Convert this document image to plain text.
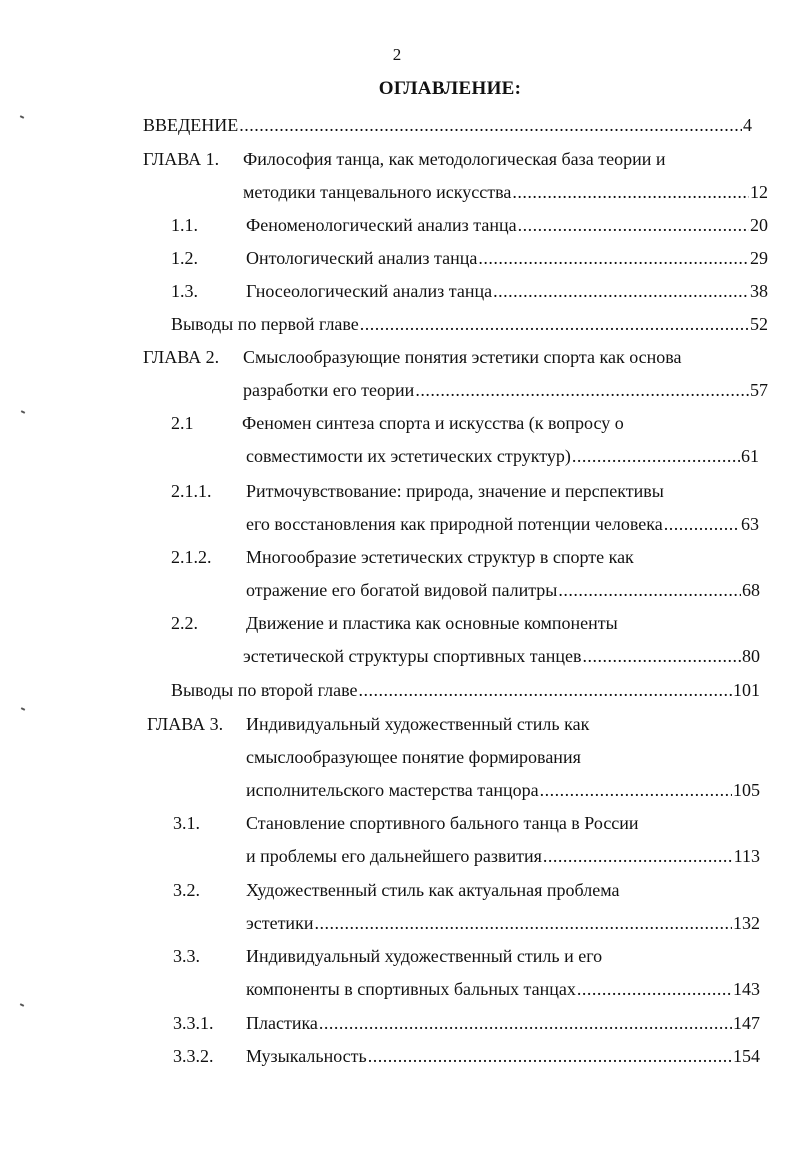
2
ОГЛАВЛЕНИЕ:
ВВЕДЕНИЕ .....	4
ГЛАВА 1. Философия танца, как методологическая база теории и
методики танцевального искусства .....	12
1.1.	Феноменологический анализ танца .....	20
1.2.	Онтологический анализ танца .....	29
1.3.	Гносеологический анализ танца .....	38
Выводы по первой главе .....	52
ГЛАВА 2. Смыслообразующие понятия эстетики спорта как основа
разработки его теории .....	57
2.1	Феномен синтеза спорта и искусства (к вопросу о
совместимости их эстетических структур) .....	61
2.1.1. Ритмочувствование: природа, значение и перспективы
его восстановления как природной потенции человека .....	63
2.1.2. Многообразие эстетических структур в спорте как
отражение его богатой видовой палитры .....	68
2.2.	Движение и пластика как основные компоненты
эстетической структуры спортивных танцев .....	80
Выводы по второй главе .....	101
ГЛАВА 3. Индивидуальный художественный стиль как
смыслообразующее понятие формирования
исполнительского мастерства танцора .....	105
3.1.	Становление спортивного бального танца в России
и проблемы его дальнейшего развития .....	113
3.2.	Художественный стиль как актуальная проблема
эстетики .....	132
3.3.	Индивидуальный художественный стиль и его
компоненты в спортивных бальных танцах .....	143
3.3.1. Пластика .....	147
3.3.2. Музыкальность .....	154
